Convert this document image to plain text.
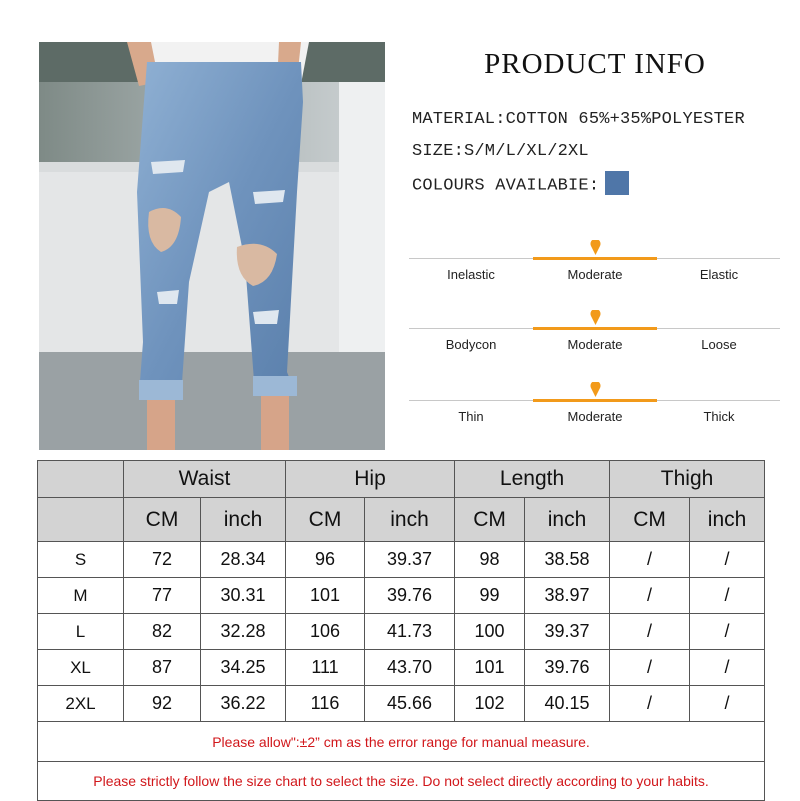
PRODUCT INFO
MATERIAL:COTTON 65%+35%POLYESTER
SIZE:S/M/L/XL/2XL
COLOURS AVAILABIE:
Inelastic	Moderate	Elastic
Bodycon	Moderate	Loose
Thin	Moderate	Thick
	Waist		Hip		Length		Thigh	
	CM	inch	CM	inch	CM	inch	CM	inch
S	72	28.34	96	39.37	98	38.58	/	/
M	77	30.31	101	39.76	99	38.97	/	/
L	82	32.28	106	41.73	100	39.37	/	/
XL	87	34.25	111	43.70	101	39.76	/	/
2XL	92	36.22	116	45.66	102	40.15	/	/
Please allow":±2” cm as the error range for manual measure.								
Please strictly follow the size chart to select the size. Do not select directly according to your habits.								
